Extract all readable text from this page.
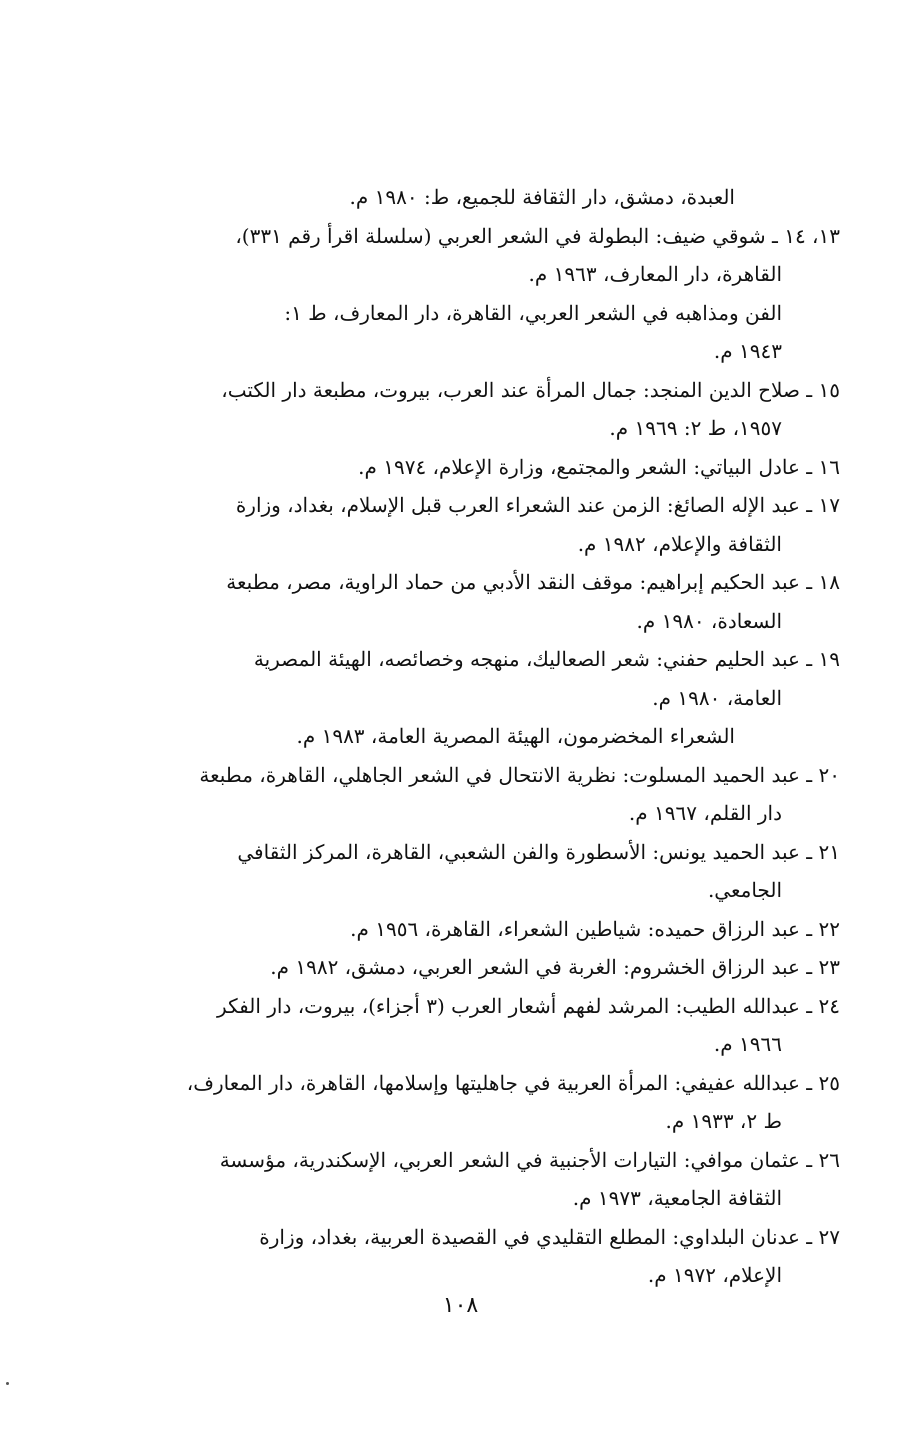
العبدة، دمشق، دار الثقافة للجميع، ط: ١٩٨٠ م.
١٣، ١٤ ـ شوقي ضيف: البطولة في الشعر العربي (سلسلة اقرأ رقم ٣٣١)،
القاهرة، دار المعارف، ١٩٦٣ م.
الفن ومذاهبه في الشعر العربي، القاهرة، دار المعارف، ط ١:
١٩٤٣ م.
١٥ ـ صلاح الدين المنجد: جمال المرأة عند العرب، بيروت، مطبعة دار الكتب،
١٩٥٧، ط ٢: ١٩٦٩ م.
١٦ ـ عادل البياتي: الشعر والمجتمع، وزارة الإعلام، ١٩٧٤ م.
١٧ ـ عبد الإله الصائغ: الزمن عند الشعراء العرب قبل الإسلام، بغداد، وزارة
الثقافة والإعلام، ١٩٨٢ م.
١٨ ـ عبد الحكيم إبراهيم: موقف النقد الأدبي من حماد الراوية، مصر، مطبعة
السعادة، ١٩٨٠ م.
١٩ ـ عبد الحليم حفني: شعر الصعاليك، منهجه وخصائصه، الهيئة المصرية
العامة، ١٩٨٠ م.
الشعراء المخضرمون، الهيئة المصرية العامة، ١٩٨٣ م.
٢٠ ـ عبد الحميد المسلوت: نظرية الانتحال في الشعر الجاهلي، القاهرة، مطبعة
دار القلم، ١٩٦٧ م.
٢١ ـ عبد الحميد يونس: الأسطورة والفن الشعبي، القاهرة، المركز الثقافي
الجامعي.
٢٢ ـ عبد الرزاق حميده: شياطين الشعراء، القاهرة، ١٩٥٦ م.
٢٣ ـ عبد الرزاق الخشروم: الغربة في الشعر العربي، دمشق، ١٩٨٢ م.
٢٤ ـ عبدالله الطيب: المرشد لفهم أشعار العرب (٣ أجزاء)، بيروت، دار الفكر
١٩٦٦ م.
٢٥ ـ عبدالله عفيفي: المرأة العربية في جاهليتها وإسلامها، القاهرة، دار المعارف،
ط ٢، ١٩٣٣ م.
٢٦ ـ عثمان موافي: التيارات الأجنبية في الشعر العربي، الإسكندرية، مؤسسة
الثقافة الجامعية، ١٩٧٣ م.
٢٧ ـ عدنان البلداوي: المطلع التقليدي في القصيدة العربية، بغداد، وزارة
الإعلام، ١٩٧٢ م.
١٠٨
